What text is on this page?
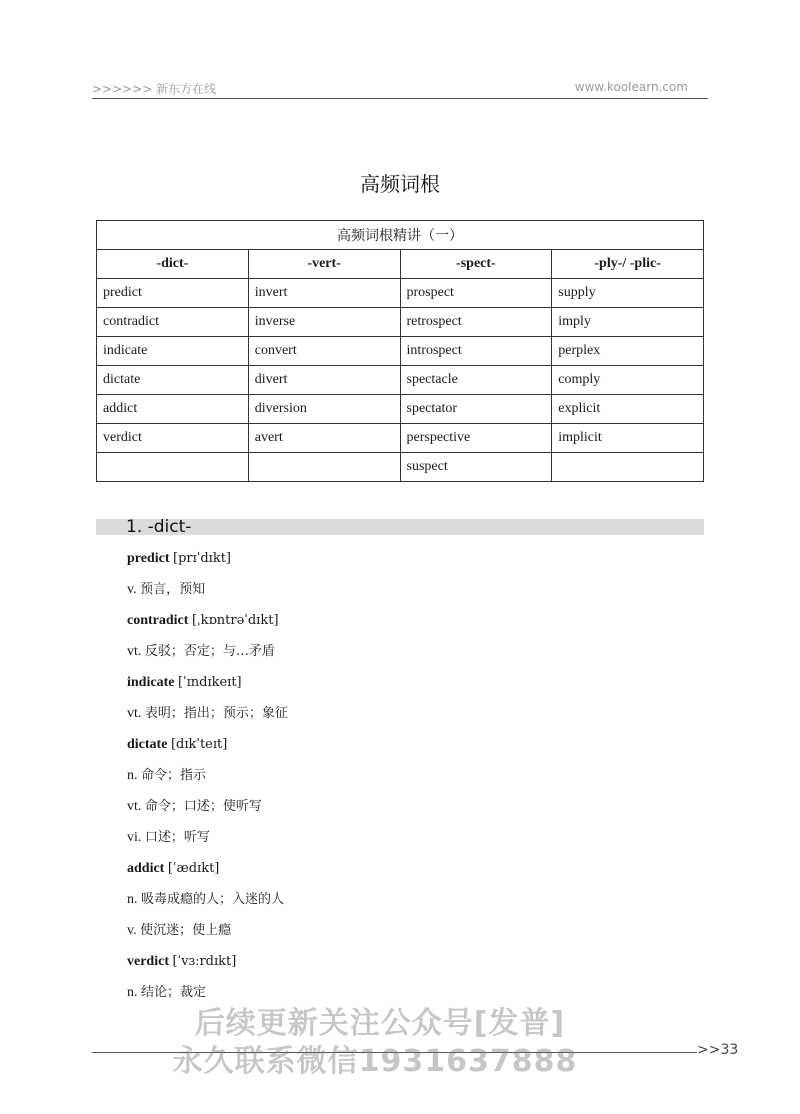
>>>>>> 新东方在线	www.koolearn.com
高频词根
高频词根精讲（一）			
-dict-	-vert-	-spect-	-ply-/ -plic-
predict	invert	prospect	supply
contradict	inverse	retrospect	imply
indicate	convert	introspect	perplex
dictate	divert	spectacle	comply
addict	diversion	spectator	explicit
verdict	avert	perspective	implicit
		suspect	
1. -dict-
predict [prɪˈdɪkt]
v. 预言，预知
contradict [ˌkɒntrəˈdɪkt]
vt. 反驳；否定；与…矛盾
indicate [ˈɪndɪkeɪt]
vt. 表明；指出；预示；象征
dictate [dɪkˈteɪt]
n. 命令；指示
vt. 命令；口述；使听写
vi. 口述；听写
addict [ˈædɪkt]
n. 吸毒成瘾的人；入迷的人
v. 使沉迷；使上瘾
verdict [ˈvɜːrdɪkt]
n. 结论；裁定
>>33
后续更新关注公众号[发普]
永久联系微信1931637888
